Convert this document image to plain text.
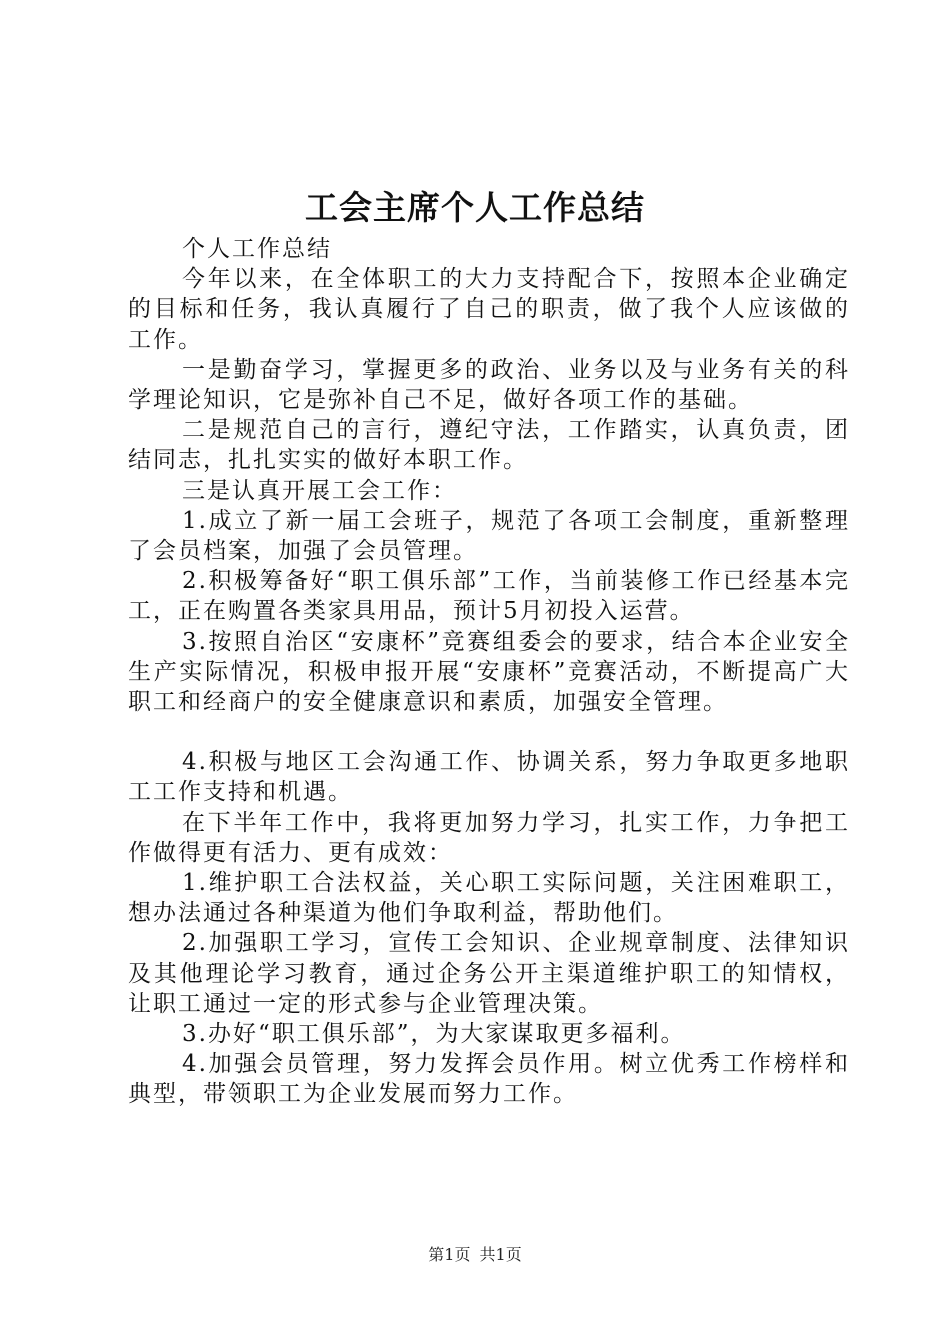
工会主席个人工作总结

个人工作总结

今年以来，在全体职工的大力支持配合下，按照本企业确定的目标和任务，我认真履行了自己的职责，做了我个人应该做的工作。

一是勤奋学习，掌握更多的政治、业务以及与业务有关的科学理论知识，它是弥补自己不足，做好各项工作的基础。

二是规范自己的言行，遵纪守法，工作踏实，认真负责，团结同志，扎扎实实的做好本职工作。

三是认真开展工会工作：

1.成立了新一届工会班子，规范了各项工会制度，重新整理了会员档案，加强了会员管理。

2.积极筹备好“职工俱乐部”工作，当前装修工作已经基本完工，正在购置各类家具用品，预计5月初投入运营。

3.按照自治区“安康杯”竞赛组委会的要求，结合本企业安全生产实际情况，积极申报开展“安康杯”竞赛活动，不断提高广大职工和经商户的安全健康意识和素质，加强安全管理。

4.积极与地区工会沟通工作、协调关系，努力争取更多地职工工作支持和机遇。

在下半年工作中，我将更加努力学习，扎实工作，力争把工作做得更有活力、更有成效：

1.维护职工合法权益，关心职工实际问题，关注困难职工，想办法通过各种渠道为他们争取利益，帮助他们。

2.加强职工学习，宣传工会知识、企业规章制度、法律知识及其他理论学习教育，通过企务公开主渠道维护职工的知情权，让职工通过一定的形式参与企业管理决策。

3.办好“职工俱乐部”，为大家谋取更多福利。

4.加强会员管理，努力发挥会员作用。树立优秀工作榜样和典型，带领职工为企业发展而努力工作。

第1页 共1页
